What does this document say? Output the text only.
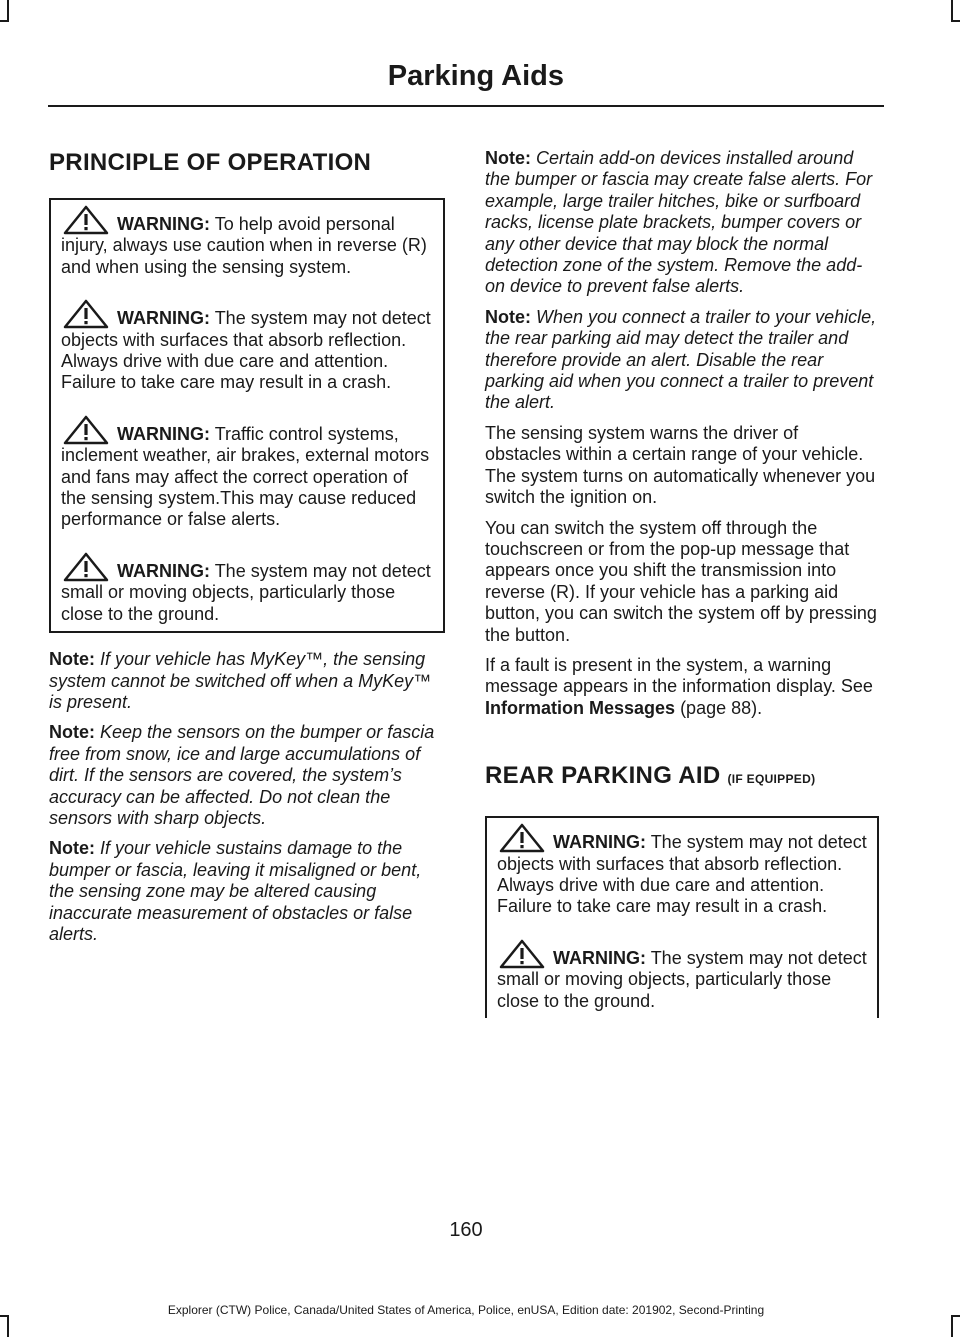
Parking Aids
PRINCIPLE OF OPERATION

WARNING: To help avoid personal injury, always use caution when in reverse (R) and when using the sensing system.

WARNING: The system may not detect objects with surfaces that absorb reflection. Always drive with due care and attention. Failure to take care may result in a crash.

WARNING: Traffic control systems, inclement weather, air brakes, external motors and fans may affect the correct operation of the sensing system.This may cause reduced performance or false alerts.

WARNING: The system may not detect small or moving objects, particularly those close to the ground.

Note: If your vehicle has MyKey™, the sensing system cannot be switched off when a MyKey™ is present.

Note: Keep the sensors on the bumper or fascia free from snow, ice and large accumulations of dirt. If the sensors are covered, the system’s accuracy can be affected. Do not clean the sensors with sharp objects.

Note: If your vehicle sustains damage to the bumper or fascia, leaving it misaligned or bent, the sensing zone may be altered causing inaccurate measurement of obstacles or false alerts.

Note: Certain add-on devices installed around the bumper or fascia may create false alerts. For example, large trailer hitches, bike or surfboard racks, license plate brackets, bumper covers or any other device that may block the normal detection zone of the system. Remove the add-on device to prevent false alerts.

Note: When you connect a trailer to your vehicle, the rear parking aid may detect the trailer and therefore provide an alert. Disable the rear parking aid when you connect a trailer to prevent the alert.

The sensing system warns the driver of obstacles within a certain range of your vehicle. The system turns on automatically whenever you switch the ignition on.

You can switch the system off through the touchscreen or from the pop-up message that appears once you shift the transmission into reverse (R). If your vehicle has a parking aid button, you can switch the system off by pressing the button.

If a fault is present in the system, a warning message appears in the information display. See Information Messages (page 88).

REAR PARKING AID (IF EQUIPPED)

WARNING: The system may not detect objects with surfaces that absorb reflection. Always drive with due care and attention. Failure to take care may result in a crash.

WARNING: The system may not detect small or moving objects, particularly those close to the ground.

160
Explorer (CTW) Police, Canada/United States of America, Police, enUSA, Edition date: 201902, Second-Printing
